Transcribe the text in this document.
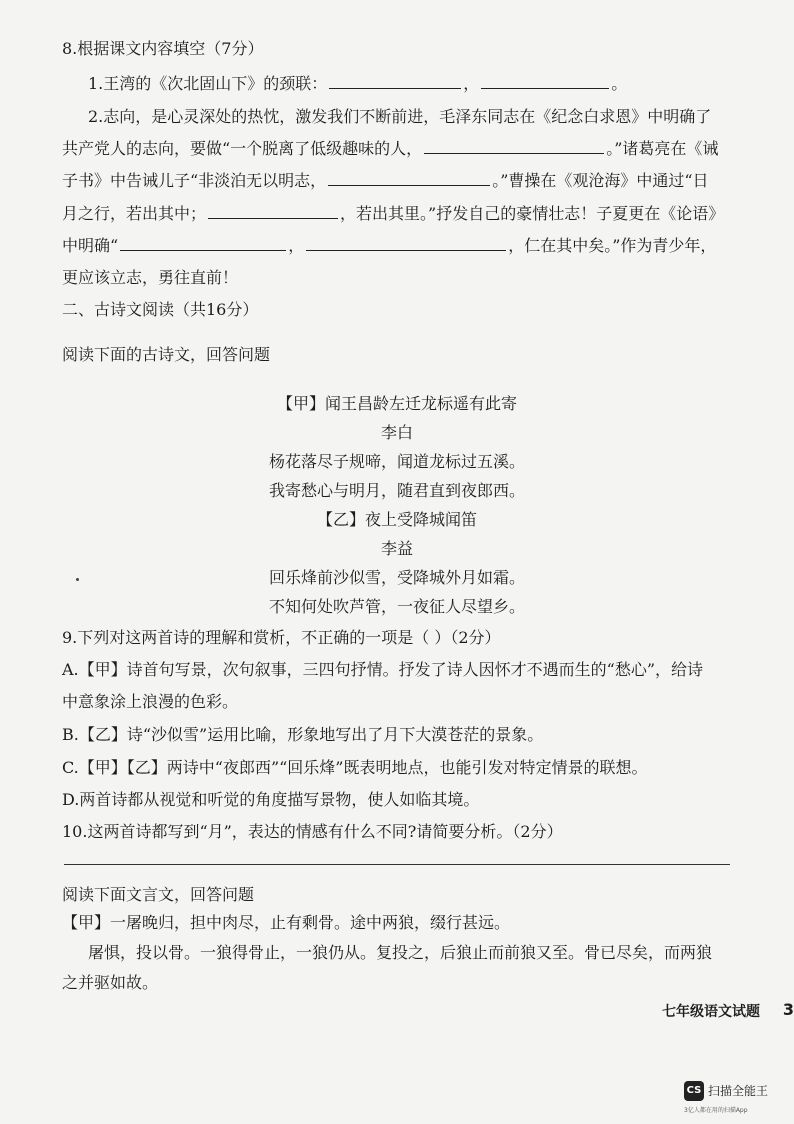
8.根据课文内容填空（7分）
1.王湾的《次北固山下》的颈联：	，	。
2.志向，是心灵深处的热忱，激发我们不断前进，毛泽东同志在《纪念白求恩》中明确了
共产党人的志向，要做“一个脱离了低级趣味的人，	。”诸葛亮在《诫
子书》中告诫儿子“非淡泊无以明志，	。”曹操在《观沧海》中通过“日
月之行，若出其中；	，若出其里。”抒发自己的豪情壮志！子夏更在《论语》
中明确“	，	，仁在其中矣。”作为青少年，
更应该立志，勇往直前！
二、古诗文阅读（共16分）
阅读下面的古诗文，回答问题
【甲】闻王昌龄左迁龙标遥有此寄
李白
杨花落尽子规啼，闻道龙标过五溪。
我寄愁心与明月，随君直到夜郎西。
【乙】夜上受降城闻笛
李益
回乐烽前沙似雪，受降城外月如霜。
不知何处吹芦管，一夜征人尽望乡。
9.下列对这两首诗的理解和赏析，不正确的一项是（ ）（2分）
A.【甲】诗首句写景，次句叙事，三四句抒情。抒发了诗人因怀才不遇而生的“愁心”，给诗
中意象涂上浪漫的色彩。
B.【乙】诗“沙似雪”运用比喻，形象地写出了月下大漠苍茫的景象。
C.【甲】【乙】两诗中“夜郎西”“回乐烽”既表明地点，也能引发对特定情景的联想。
D.两首诗都从视觉和听觉的角度描写景物，使人如临其境。
10.这两首诗都写到“月”，表达的情感有什么不同?请简要分析。（2分）
阅读下面文言文，回答问题
【甲】一屠晚归，担中肉尽，止有剩骨。途中两狼，缀行甚远。
屠惧，投以骨。一狼得骨止，一狼仍从。复投之，后狼止而前狼又至。骨已尽矣，而两狼
之并驱如故。
七年级语文试题 3
CS 扫描全能王
3亿人都在用的扫描App
